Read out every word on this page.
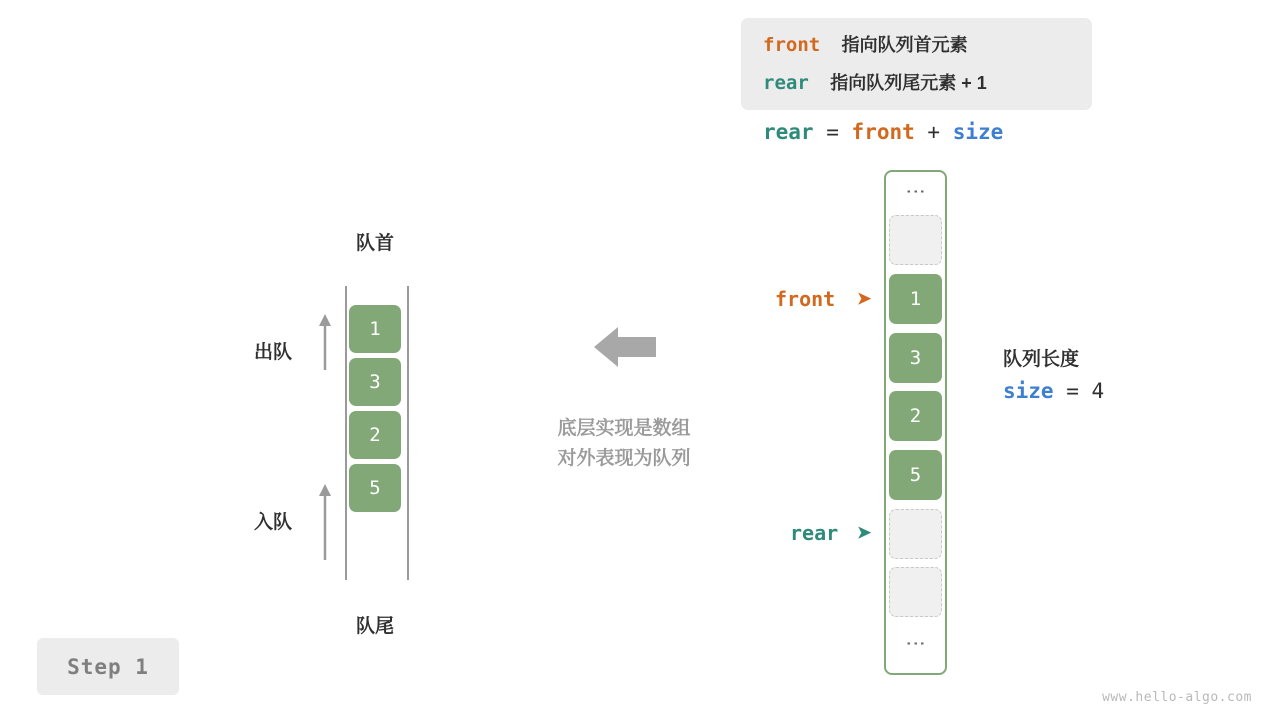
队首
1
3
2
5
出队
入队
队尾
底层实现是数组
对外表现为队列
front 指向队列首元素
rear 指向队列尾元素 + 1
rear = front + size
⋮
1
3
2
5
⋮
front ➤
rear ➤
队列长度
size = 4
Step 1
www.hello-algo.com
